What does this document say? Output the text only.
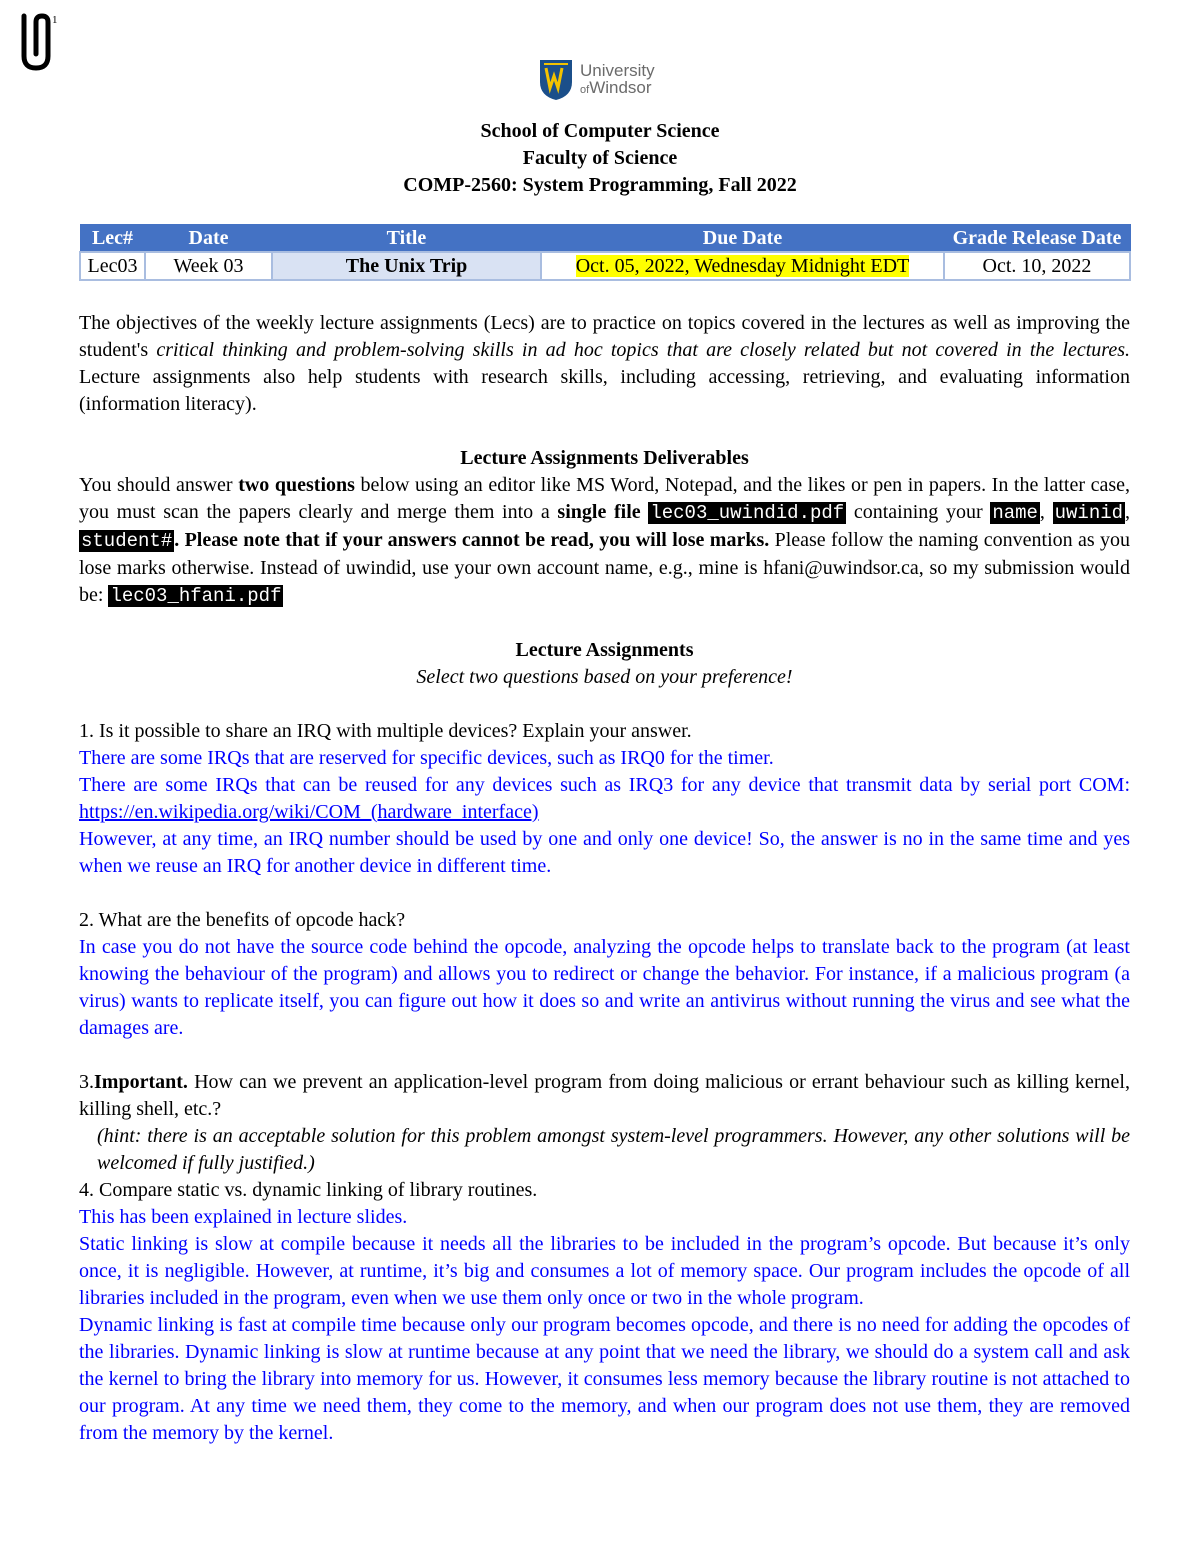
1
University
ofWindsor
School of Computer Science
Faculty of Science
COMP-2560: System Programming, Fall 2022
Lec#	Date	Title	Due Date	Grade Release Date
Lec03	Week 03	The Unix Trip	Oct. 05, 2022, Wednesday Midnight EDT	Oct. 10, 2022

The objectives of the weekly lecture assignments (Lecs) are to practice on topics covered in the lectures as well as improving the student's critical thinking and problem-solving skills in ad hoc topics that are closely related but not covered in the lectures. Lecture assignments also help students with research skills, including accessing, retrieving, and evaluating information (information literacy).

Lecture Assignments Deliverables

You should answer two questions below using an editor like MS Word, Notepad, and the likes or pen in papers. In the latter case, you must scan the papers clearly and merge them into a single file lec03_uwindid.pdf containing your name , uwinid , student# . Please note that if your answers cannot be read, you will lose marks. Please follow the naming convention as you lose marks otherwise. Instead of uwindid, use your own account name, e.g., mine is hfani@uwindsor.ca, so my submission would be: lec03_hfani.pdf

Lecture Assignments

Select two questions based on your preference!

1. Is it possible to share an IRQ with multiple devices? Explain your answer.

There are some IRQs that are reserved for specific devices, such as IRQ0 for the timer.

There are some IRQs that can be reused for any devices such as IRQ3 for any device that transmit data by serial port COM: https://en.wikipedia.org/wiki/COM_(hardware_interface)

However, at any time, an IRQ number should be used by one and only one device! So, the answer is no in the same time and yes when we reuse an IRQ for another device in different time.

2. What are the benefits of opcode hack?

In case you do not have the source code behind the opcode, analyzing the opcode helps to translate back to the program (at least knowing the behaviour of the program) and allows you to redirect or change the behavior. For instance, if a malicious program (a virus) wants to replicate itself, you can figure out how it does so and write an antivirus without running the virus and see what the damages are.

3.Important. How can we prevent an application-level program from doing malicious or errant behaviour such as killing kernel, killing shell, etc.?

(hint: there is an acceptable solution for this problem amongst system-level programmers. However, any other solutions will be welcomed if fully justified.)

4. Compare static vs. dynamic linking of library routines.

This has been explained in lecture slides.

Static linking is slow at compile because it needs all the libraries to be included in the program’s opcode. But because it’s only once, it is negligible. However, at runtime, it’s big and consumes a lot of memory space. Our program includes the opcode of all libraries included in the program, even when we use them only once or two in the whole program.

Dynamic linking is fast at compile time because only our program becomes opcode, and there is no need for adding the opcodes of the libraries. Dynamic linking is slow at runtime because at any point that we need the library, we should do a system call and ask the kernel to bring the library into memory for us. However, it consumes less memory because the library routine is not attached to our program. At any time we need them, they come to the memory, and when our program does not use them, they are removed from the memory by the kernel.
